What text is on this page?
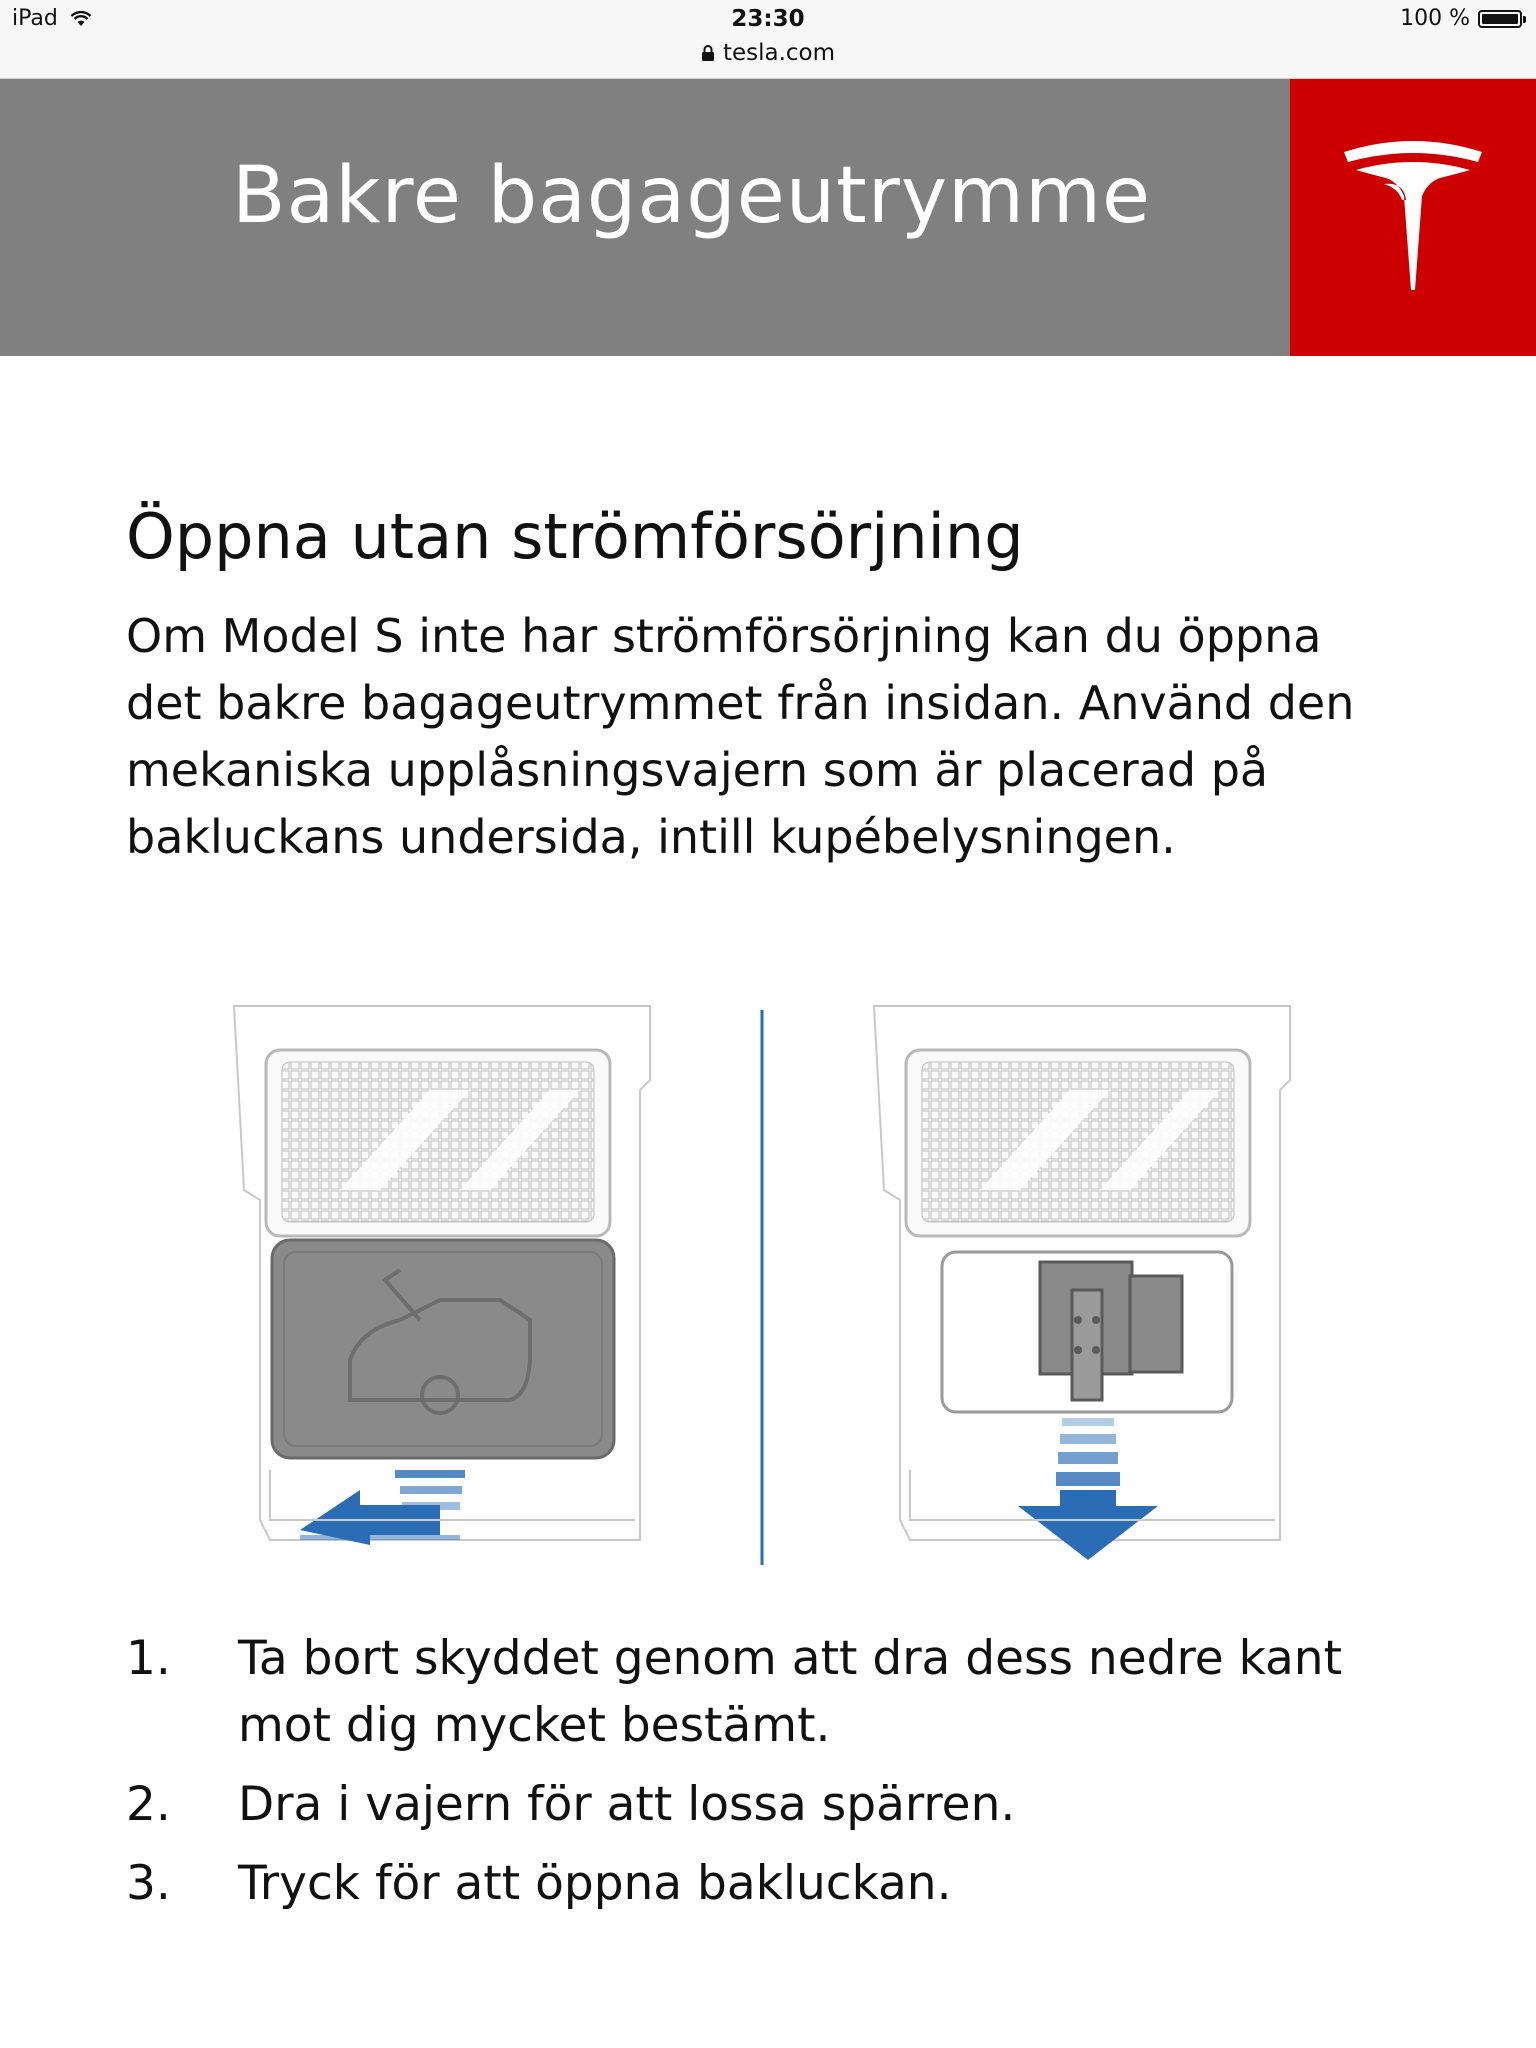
iPad	23:30	100 %
tesla.com
Bakre bagageutrymme
Öppna utan strömförsörjning
Om Model S inte har strömförsörjning kan du öppna det bakre bagageutrymmet från insidan. Använd den mekaniska upplåsningsvajern som är placerad på bakluckans undersida, intill kupébelysningen.
1.	Ta bort skyddet genom att dra dess nedre kant mot dig mycket bestämt.
2.	Dra i vajern för att lossa spärren.
3.	Tryck för att öppna bakluckan.
